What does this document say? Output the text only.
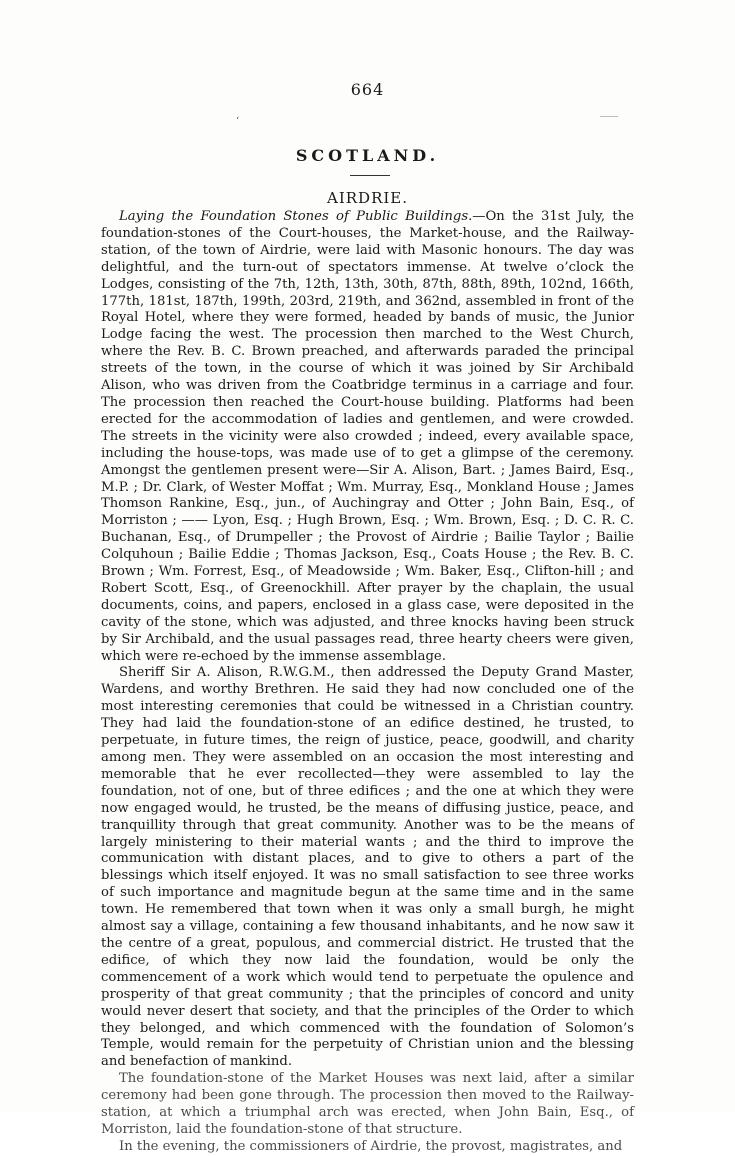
664
‘
SCOTLAND.
AIRDRIE.

Laying the Foundation Stones of Public Buildings.—On the 31st July, the foundation-stones of the Court-houses, the Market-house, and the Railway-station, of the town of Airdrie, were laid with Masonic honours. The day was delightful, and the turn-out of spectators immense. At twelve o’clock the Lodges, consisting of the 7th, 12th, 13th, 30th, 87th, 88th, 89th, 102nd, 166th, 177th, 181st, 187th, 199th, 203rd, 219th, and 362nd, assembled in front of the Royal Hotel, where they were formed, headed by bands of music, the Junior Lodge facing the west. The procession then marched to the West Church, where the Rev. B. C. Brown preached, and afterwards paraded the principal streets of the town, in the course of which it was joined by Sir Archibald Alison, who was driven from the Coatbridge terminus in a carriage and four. The procession then reached the Court-house building. Platforms had been erected for the accommodation of ladies and gentlemen, and were crowded. The streets in the vicinity were also crowded ; indeed, every available space, including the house-tops, was made use of to get a glimpse of the ceremony. Amongst the gentlemen present were—Sir A. Alison, Bart. ; James Baird, Esq., M.P. ; Dr. Clark, of Wester Moffat ; Wm. Murray, Esq., Monkland House ; James Thomson Rankine, Esq., jun., of Auchingray and Otter ; John Bain, Esq., of Morriston ; —— Lyon, Esq. ; Hugh Brown, Esq. ; Wm. Brown, Esq. ; D. C. R. C. Buchanan, Esq., of Drumpeller ; the Provost of Airdrie ; Bailie Taylor ; Bailie Colquhoun ; Bailie Eddie ; Thomas Jackson, Esq., Coats House ; the Rev. B. C. Brown ; Wm. Forrest, Esq., of Meadowside ; Wm. Baker, Esq., Clifton-hill ; and Robert Scott, Esq., of Greenockhill. After prayer by the chaplain, the usual documents, coins, and papers, enclosed in a glass case, were deposited in the cavity of the stone, which was adjusted, and three knocks having been struck by Sir Archibald, and the usual passages read, three hearty cheers were given, which were re-echoed by the immense assemblage.

Sheriff Sir A. Alison, R.W.G.M., then addressed the Deputy Grand Master, Wardens, and worthy Brethren. He said they had now concluded one of the most interesting ceremonies that could be witnessed in a Christian country. They had laid the foundation-stone of an edifice destined, he trusted, to perpetuate, in future times, the reign of justice, peace, goodwill, and charity among men. They were assembled on an occasion the most interesting and memorable that he ever recollected—they were assembled to lay the foundation, not of one, but of three edifices ; and the one at which they were now engaged would, he trusted, be the means of diffusing justice, peace, and tranquillity through that great community. Another was to be the means of largely ministering to their material wants ; and the third to improve the communication with distant places, and to give to others a part of the blessings which itself enjoyed. It was no small satisfaction to see three works of such importance and magnitude begun at the same time and in the same town. He remembered that town when it was only a small burgh, he might almost say a village, containing a few thousand inhabitants, and he now saw it the centre of a great, populous, and commercial district. He trusted that the edifice, of which they now laid the foundation, would be only the commencement of a work which would tend to perpetuate the opulence and prosperity of that great community ; that the principles of concord and unity would never desert that society, and that the principles of the Order to which they belonged, and which commenced with the foundation of Solomon’s Temple, would remain for the perpetuity of Christian union and the blessing and benefaction of mankind.

The foundation-stone of the Market Houses was next laid, after a similar ceremony had been gone through. The procession then moved to the Railway-station, at which a triumphal arch was erected, when John Bain, Esq., of Morriston, laid the foundation-stone of that structure.

In the evening, the commissioners of Airdrie, the provost, magistrates, and
